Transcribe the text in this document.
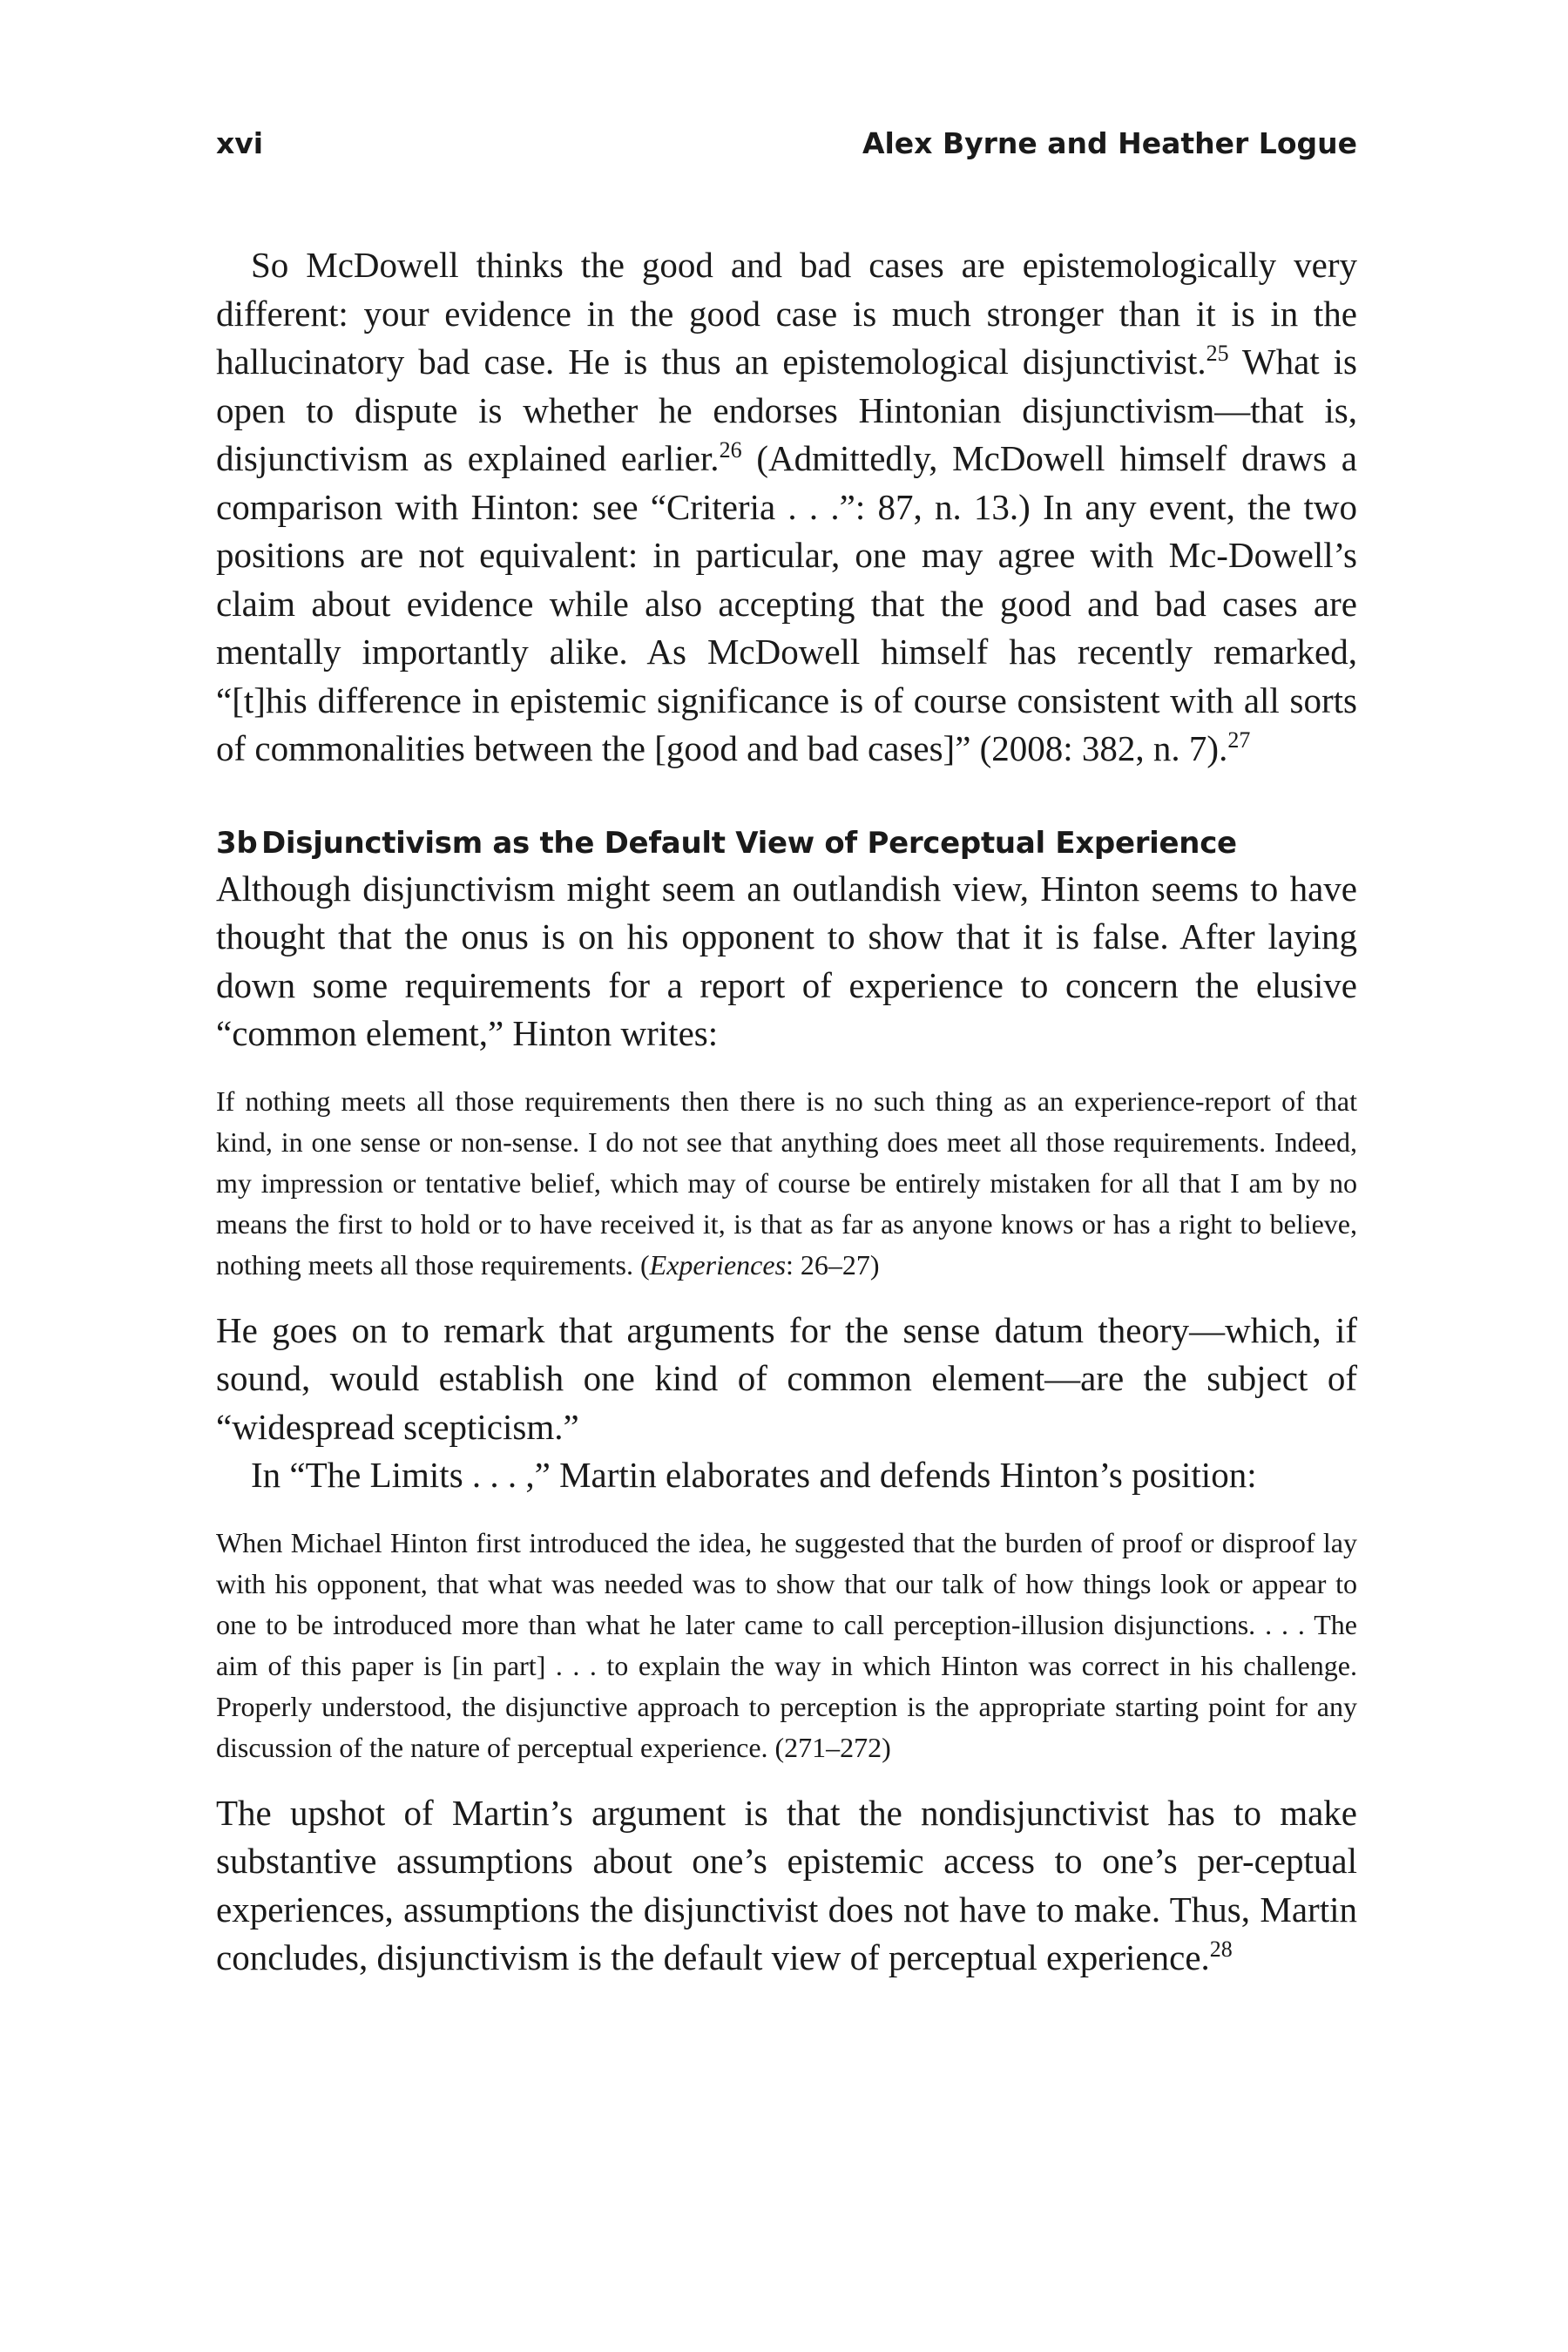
xvi	Alex Byrne and Heather Logue

So McDowell thinks the good and bad cases are epistemologically very different: your evidence in the good case is much stronger than it is in the hallucinatory bad case. He is thus an epistemological disjunctivist.$^{25}$ What is open to dispute is whether he endorses Hintonian disjunctivism—that is, disjunctivism as explained earlier.$^{26}$ (Admittedly, McDowell himself draws a comparison with Hinton: see “Criteria . . .”: 87, n. 13.) In any event, the two positions are not equivalent: in particular, one may agree with Mc-Dowell’s claim about evidence while also accepting that the good and bad cases are mentally importantly alike. As McDowell himself has recently remarked, “[t]his difference in epistemic significance is of course consistent with all sorts of commonalities between the [good and bad cases]” (2008: 382, n. 7).$^{27}$

3b Disjunctivism as the Default View of Perceptual Experience

Although disjunctivism might seem an outlandish view, Hinton seems to have thought that the onus is on his opponent to show that it is false. After laying down some requirements for a report of experience to concern the elusive “common element,” Hinton writes:

If nothing meets all those requirements then there is no such thing as an experience-report of that kind, in one sense or non-sense. I do not see that anything does meet all those requirements. Indeed, my impression or tentative belief, which may of course be entirely mistaken for all that I am by no means the first to hold or to have received it, is that as far as anyone knows or has a right to believe, nothing meets all those requirements. (Experiences: 26–27)

He goes on to remark that arguments for the sense datum theory—which, if sound, would establish one kind of common element—are the subject of “widespread scepticism.”

In “The Limits . . . ,” Martin elaborates and defends Hinton’s position:

When Michael Hinton first introduced the idea, he suggested that the burden of proof or disproof lay with his opponent, that what was needed was to show that our talk of how things look or appear to one to be introduced more than what he later came to call perception-illusion disjunctions. . . . The aim of this paper is [in part] . . . to explain the way in which Hinton was correct in his challenge. Properly understood, the disjunctive approach to perception is the appropriate starting point for any discussion of the nature of perceptual experience. (271–272)

The upshot of Martin’s argument is that the nondisjunctivist has to make substantive assumptions about one’s epistemic access to one’s per-ceptual experiences, assumptions the disjunctivist does not have to make. Thus, Martin concludes, disjunctivism is the default view of perceptual experience.$^{28}$
